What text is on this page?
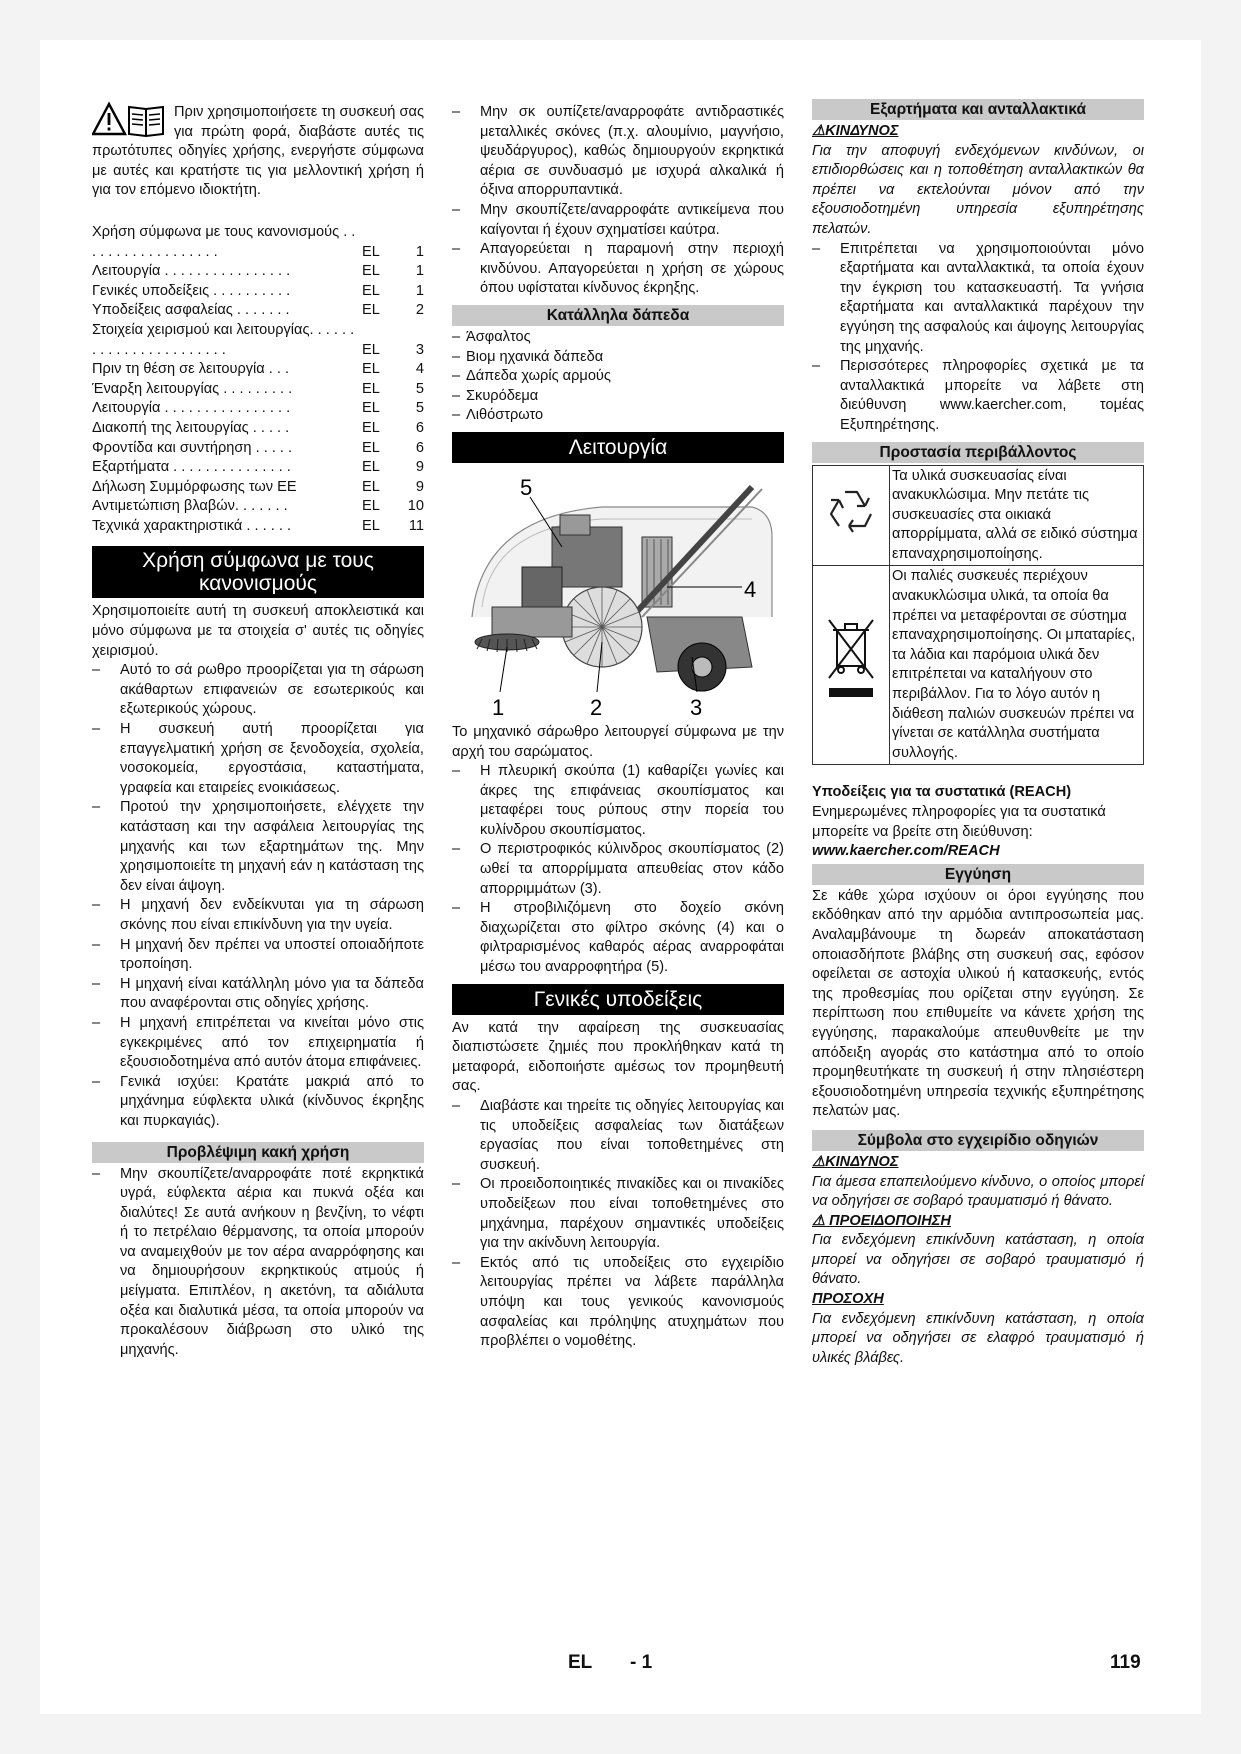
Πριν χρησιμοποιήσετε τη συσκευή σας για πρώτη φορά, διαβάστε αυτές τις πρωτότυπες οδηγίες χρήσης, ενεργήστε σύμφωνα με αυτές και κρατήστε τις για μελλοντική χρήση ή για τον επόμενο ιδιοκτήτη.

Χρήση σύμφωνα με τους κανονισμούς . . . . . . . . . . . . . . . . . .	EL	1
Λειτουργία . . . . . . . . . . . . . . . .	EL	1
Γενικές υποδείξεις . . . . . . . . . .	EL	1
Υποδείξεις ασφαλείας . . . . . . .	EL	2
Στοιχεία χειρισμού και λειτουργίας. . . . . . . . . . . . . . . . . . . . . . .	EL	3
Πριν τη θέση σε λειτουργία . . .	EL	4
Έναρξη λειτουργίας . . . . . . . . .	EL	5
Λειτουργία . . . . . . . . . . . . . . . .	EL	5
Διακοπή της λειτουργίας . . . . .	EL	6
Φροντίδα και συντήρηση . . . . .	EL	6
Εξαρτήματα . . . . . . . . . . . . . . .	EL	9
Δήλωση Συμμόρφωσης των ΕΕ	EL	9
Αντιμετώπιση βλαβών. . . . . . .	EL	10
Τεχνικά χαρακτηριστικά . . . . . .	EL	11
Χρήση σύμφωνα με τους
κανονισμούς

Χρησιμοποιείτε αυτή τη συσκευή αποκλειστικά και μόνο σύμφωνα με τα στοιχεία σ' αυτές τις οδηγίες χειρισμού.

– Αυτό το σά ρωθρο προορίζεται για τη σάρωση ακάθαρτων επιφανειών σε εσωτερικούς και εξωτερικούς χώρους.
– Η συσκευή αυτή προορίζεται για επαγγελματική χρήση σε ξενοδοχεία, σχολεία, νοσοκομεία, εργοστάσια, καταστήματα, γραφεία και εταιρείες ενοικιάσεως.
– Προτού την χρησιμοποιήσετε, ελέγχετε την κατάσταση και την ασφάλεια λειτουργίας της μηχανής και των εξαρτημάτων της. Μην χρησιμοποιείτε τη μηχανή εάν η κατάσταση της δεν είναι άψογη.
– Η μηχανή δεν ενδείκνυται για τη σάρωση σκόνης που είναι επικίνδυνη για την υγεία.
– Η μηχανή δεν πρέπει να υποστεί οποιαδήποτε τροποίηση.
– Η μηχανή είναι κατάλληλη μόνο για τα δάπεδα που αναφέρονται στις οδηγίες χρήσης.
– Η μηχανή επιτρέπεται να κινείται μόνο στις εγκεκριμένες από τον επιχειρηματία ή εξουσιοδοτημένα από αυτόν άτομα επιφάνειες.
– Γενικά ισχύει: Κρατάτε μακριά από το μηχάνημα εύφλεκτα υλικά (κίνδυνος έκρηξης και πυρκαγιάς).
Προβλέψιμη κακή χρήση
– Μην σκουπίζετε/αναρροφάτε ποτέ εκρηκτικά υγρά, εύφλεκτα αέρια και πυκνά οξέα και διαλύτες! Σε αυτά ανήκουν η βενζίνη, το νέφτι ή το πετρέλαιο θέρμανσης, τα οποία μπορούν να αναμειχθούν με τον αέρα αναρρόφησης και να δημιουρήσουν εκρηκτικούς ατμούς ή μείγματα. Επιπλέον, η ακετόνη, τα αδιάλυτα οξέα και διαλυτικά μέσα, τα οποία μπορούν να προκαλέσουν διάβρωση στο υλικό της μηχανής.
– Μην σκ ουπίζετε/αναρροφάτε αντιδραστικές μεταλλικές σκόνες (π.χ. αλουμίνιο, μαγνήσιο, ψευδάργυρος), καθώς δημιουργούν εκρηκτικά αέρια σε συνδυασμό με ισχυρά αλκαλικά ή όξινα απορρυπαντικά.
– Μην σκουπίζετε/αναρροφάτε αντικείμενα που καίγονται ή έχουν σχηματίσει καύτρα.
– Απαγορεύεται η παραμονή στην περιοχή κινδύνου. Απαγορεύεται η χρήση σε χώρους όπου υφίσταται κίνδυνος έκρηξης.
Κατάλληλα δάπεδα
– Άσφαλτος
– Βιομ ηχανικά δάπεδα
– Δάπεδα χωρίς αρμούς
– Σκυρόδεμα
– Λιθόστρωτο
Λειτουργία
5
4
1	2	3

Το μηχανικό σάρωθρο λειτουργεί σύμφωνα με την αρχή του σαρώματος.

– Η πλευρική σκούπα (1) καθαρίζει γωνίες και άκρες της επιφάνειας σκουπίσματος και μεταφέρει τους ρύπους στην πορεία του κυλίνδρου σκουπίσματος.
– Ο περιστροφικός κύλινδρος σκουπίσματος (2) ωθεί τα απορρίμματα απευθείας στον κάδο απορριμμάτων (3).
– Η στροβιλιζόμενη στο δοχείο σκόνη διαχωρίζεται στο φίλτρο σκόνης (4) και ο φιλτραρισμένος καθαρός αέρας αναρροφάται μέσω του αναρροφητήρα (5).
Γενικές υποδείξεις

Αν κατά την αφαίρεση της συσκευασίας διαπιστώσετε ζημιές που προκλήθηκαν κατά τη μεταφορά, ειδοποιήστε αμέσως τον προμηθευτή σας.

– Διαβάστε και τηρείτε τις οδηγίες λειτουργίας και τις υποδείξεις ασφαλείας των διατάξεων εργασίας που είναι τοποθετημένες στη συσκευή.
– Οι προειδοποιητικές πινακίδες και οι πινακίδες υποδείξεων που είναι τοποθετημένες στο μηχάνημα, παρέχουν σημαντικές υποδείξεις για την ακίνδυνη λειτουργία.
– Εκτός από τις υποδείξεις στο εγχειρίδιο λειτουργίας πρέπει να λάβετε παράλληλα υπόψη και τους γενικούς κανονισμούς ασφαλείας και πρόληψης ατυχημάτων που προβλέπει ο νομοθέτης.
Εξαρτήματα και ανταλλακτικά

⚠ΚΙΝΔΥΝΟΣ

Για την αποφυγή ενδεχόμενων κινδύνων, οι επιδιορθώσεις και η τοποθέτηση ανταλλακτικών θα πρέπει να εκτελούνται μόνον από την εξουσιοδοτημένη υπηρεσία εξυπηρέτησης πελατών.

– Επιτρέπεται να χρησιμοποιούνται μόνο εξαρτήματα και ανταλλακτικά, τα οποία έχουν την έγκριση του κατασκευαστή. Τα γνήσια εξαρτήματα και ανταλλακτικά παρέχουν την εγγύηση της ασφαλούς και άψογης λειτουργίας της μηχανής.
– Περισσότερες πληροφορίες σχετικά με τα ανταλλακτικά μπορείτε να λάβετε στη διεύθυνση www.kaercher.com, τομέας Εξυπηρέτησης.
Προστασία περιβάλλοντος
	Τα υλικά συσκευασίας είναι ανακυκλώσιμα. Μην πετάτε τις συσκευασίες στα οικιακά απορρίμματα, αλλά σε ειδικό σύστημα επαναχρησιμοποίησης.
	Οι παλιές συσκευές περιέχουν ανακυκλώσιμα υλικά, τα οποία θα πρέπει να μεταφέρονται σε σύστημα επαναχρησιμοποίησης. Οι μπαταρίες, τα λάδια και παρόμοια υλικά δεν επιτρέπεται να καταλήγουν στο περιβάλλον. Για το λόγο αυτόν η διάθεση παλιών συσκευών πρέπει να γίνεται σε κατάλληλα συστήματα συλλογής.

Υποδείξεις για τα συστατικά (REACH)

Ενημερωμένες πληροφορίες για τα συστατικά μπορείτε να βρείτε στη διεύθυνση:

www.kaercher.com/REACH

Εγγύηση

Σε κάθε χώρα ισχύουν οι όροι εγγύησης που εκδόθηκαν από την αρμόδια αντιπροσωπεία μας. Αναλαμβάνουμε τη δωρεάν αποκατάσταση οποιασδήποτε βλάβης στη συσκευή σας, εφόσον οφείλεται σε αστοχία υλικού ή κατασκευής, εντός της προθεσμίας που ορίζεται στην εγγύηση. Σε περίπτωση που επιθυμείτε να κάνετε χρήση της εγγύησης, παρακαλούμε απευθυνθείτε με την απόδειξη αγοράς στο κατάστημα από το οποίο προμηθευτήκατε τη συσκευή ή στην πλησιέστερη εξουσιοδοτημένη υπηρεσία τεχνικής εξυπηρέτησης πελατών μας.

Σύμβολα στο εγχειρίδιο οδηγιών

⚠ΚΙΝΔΥΝΟΣ

Για άμεσα επαπειλούμενο κίνδυνο, ο οποίος μπορεί να οδηγήσει σε σοβαρό τραυματισμό ή θάνατο.

⚠ ΠΡΟΕΙΔΟΠΟΙΗΣΗ

Για ενδεχόμενη επικίνδυνη κατάσταση, η οποία μπορεί να οδηγήσει σε σοβαρό τραυματισμό ή θάνατο.

ΠΡΟΣΟΧΗ

Για ενδεχόμενη επικίνδυνη κατάσταση, η οποία μπορεί να οδηγήσει σε ελαφρό τραυματισμό ή υλικές βλάβες.

EL - 1	119
